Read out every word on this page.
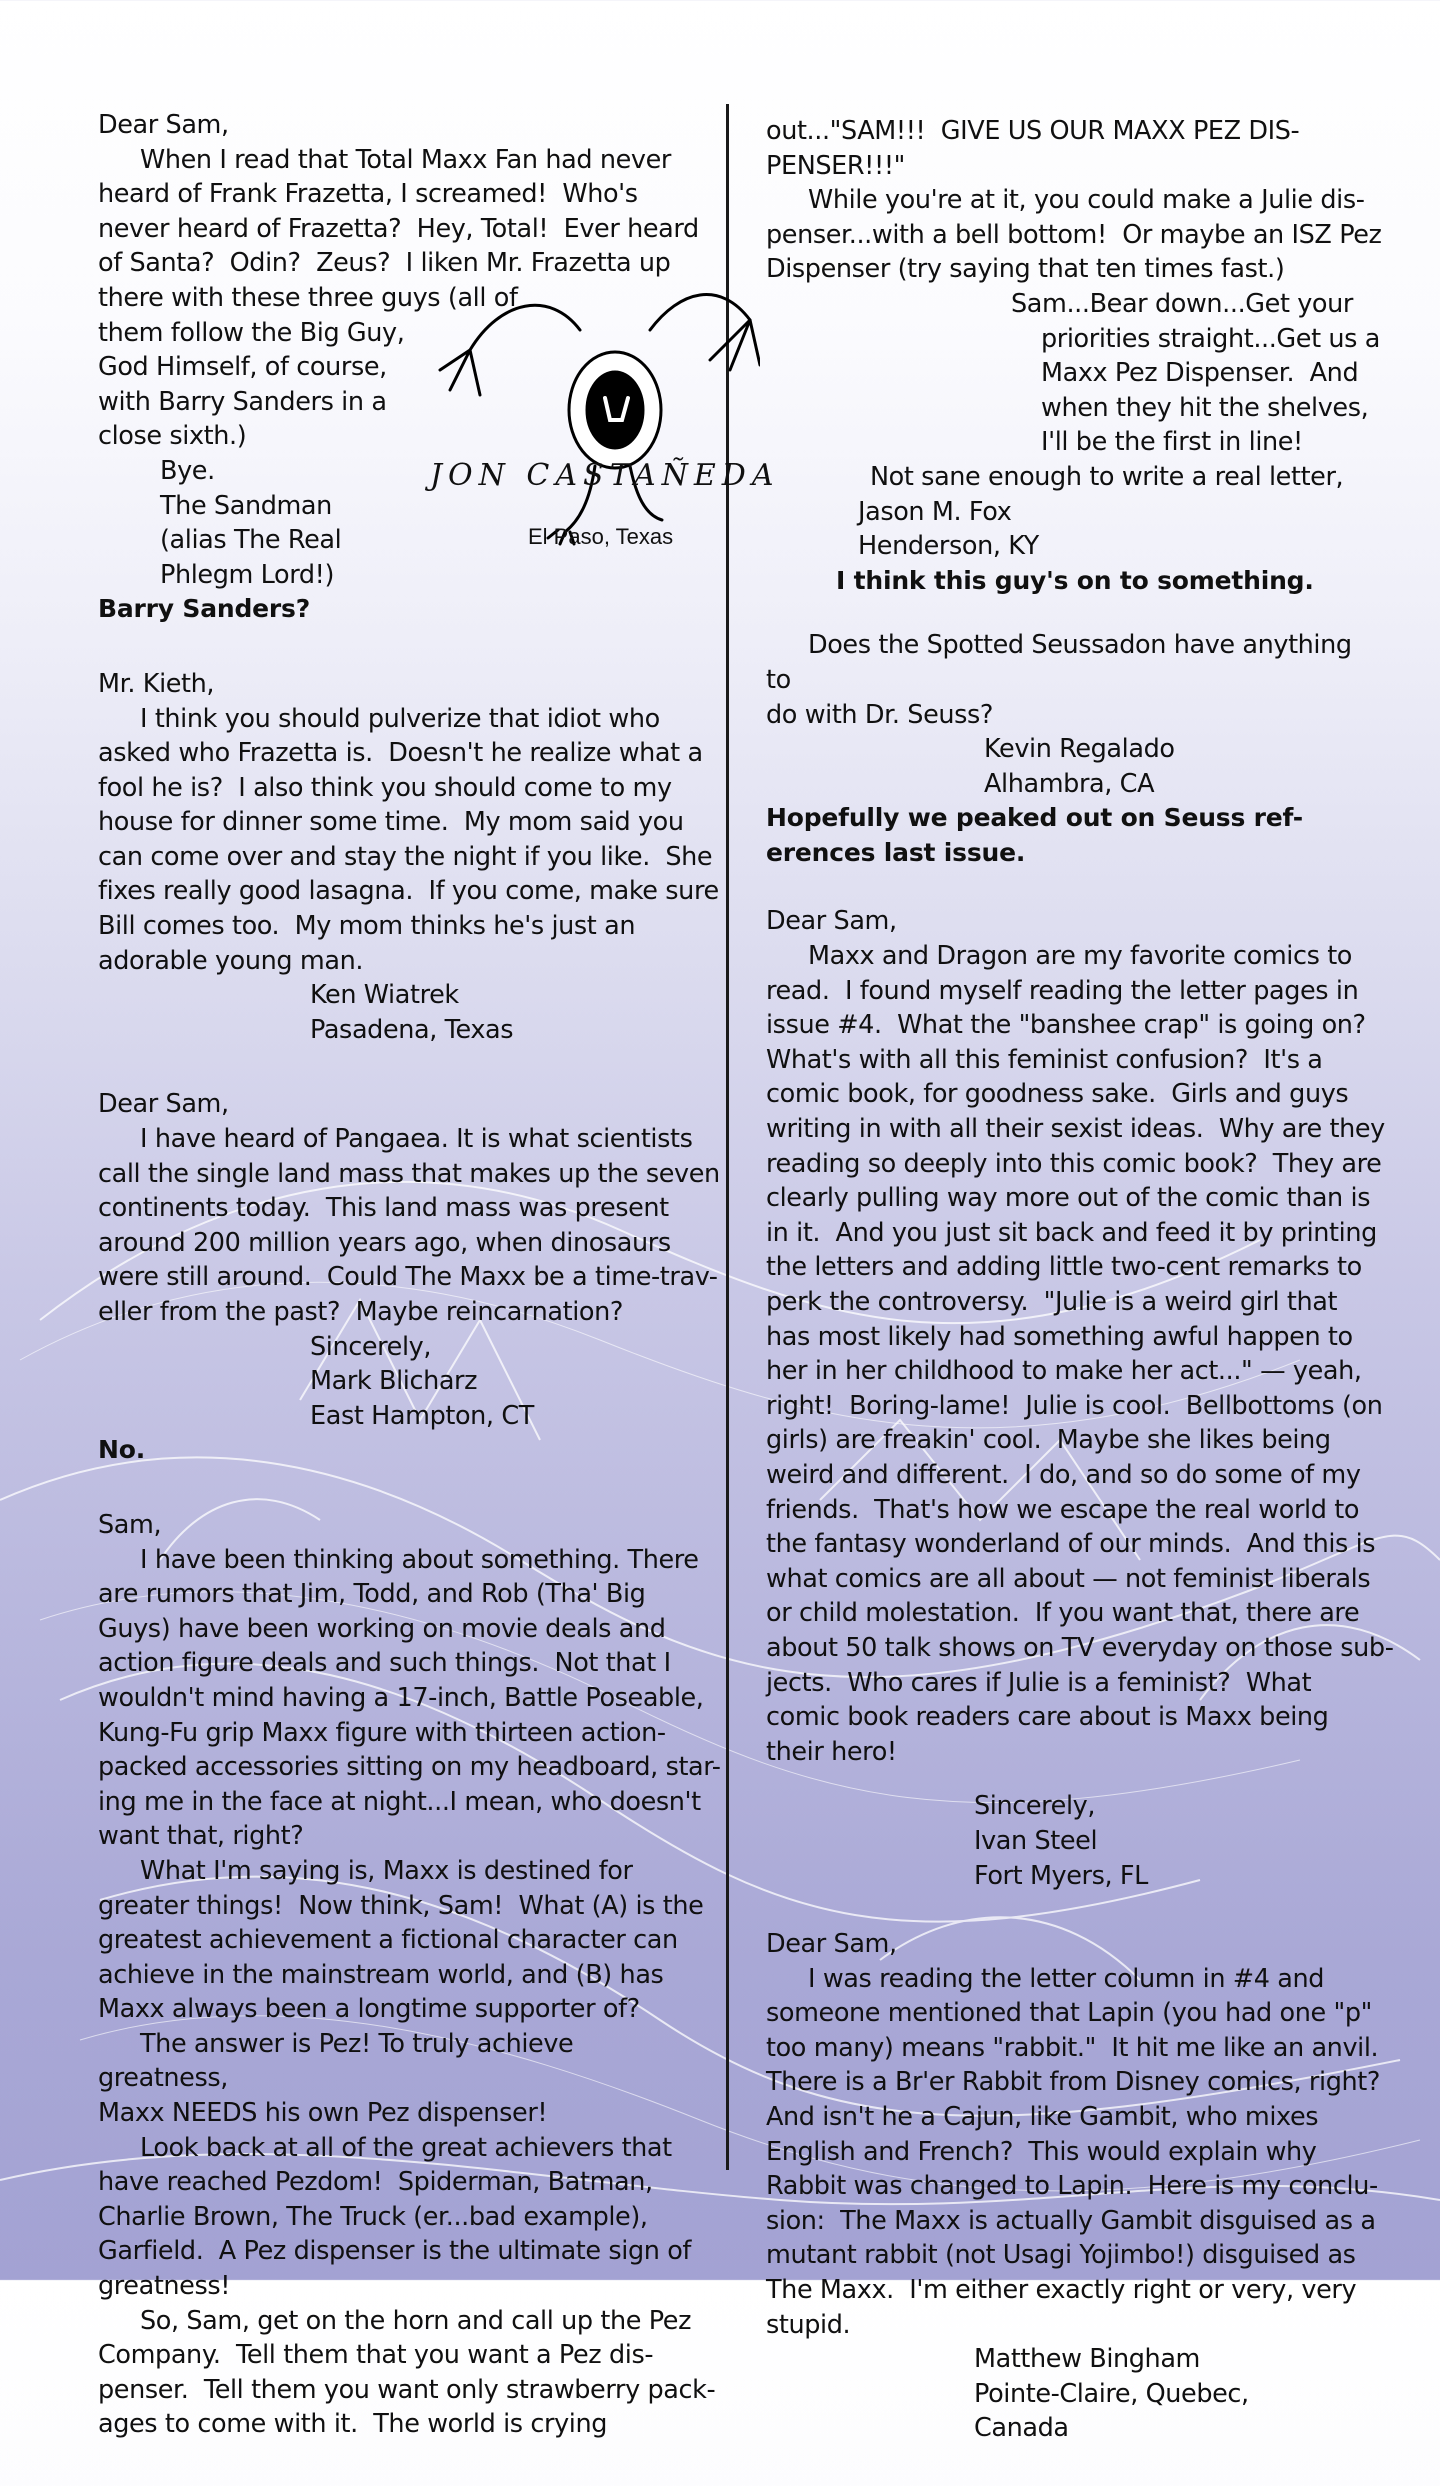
JON CASTAÑEDA
El Paso, Texas
Dear Sam,
When I read that Total Maxx Fan had never
heard of Frank Frazetta, I screamed!  Who's
never heard of Frazetta?  Hey, Total!  Ever heard
of Santa?  Odin?  Zeus?  I liken Mr. Frazetta up
there with these three guys (all of
them follow the Big Guy,
God Himself, of course,
with Barry Sanders in a
close sixth.)
Bye.
The Sandman
(alias The Real
Phlegm Lord!)
Barry Sanders?
Mr. Kieth,
I think you should pulverize that idiot who
asked who Frazetta is.  Doesn't he realize what a
fool he is?  I also think you should come to my
house for dinner some time.  My mom said you
can come over and stay the night if you like.  She
fixes really good lasagna.  If you come, make sure
Bill comes too.  My mom thinks he's just an
adorable young man.
Ken Wiatrek
Pasadena, Texas
Dear Sam,
I have heard of Pangaea. It is what scientists
call the single land mass that makes up the seven
continents today.  This land mass was present
around 200 million years ago, when dinosaurs
were still around.  Could The Maxx be a time-trav-
eller from the past?  Maybe reincarnation?
Sincerely,
Mark Blicharz
East Hampton, CT
No.
Sam,
I have been thinking about something. There
are rumors that Jim, Todd, and Rob (Tha' Big
Guys) have been working on movie deals and
action figure deals and such things.  Not that I
wouldn't mind having a 17-inch, Battle Poseable,
Kung-Fu grip Maxx figure with thirteen action-
packed accessories sitting on my headboard, star-
ing me in the face at night...I mean, who doesn't
want that, right?
What I'm saying is, Maxx is destined for
greater things!  Now think, Sam!  What (A) is the
greatest achievement a fictional character can
achieve in the mainstream world, and (B) has
Maxx always been a longtime supporter of?
The answer is Pez! To truly achieve greatness,
Maxx NEEDS his own Pez dispenser!
Look back at all of the great achievers that
have reached Pezdom!  Spiderman, Batman,
Charlie Brown, The Truck (er...bad example),
Garfield.  A Pez dispenser is the ultimate sign of
greatness!
So, Sam, get on the horn and call up the Pez
Company.  Tell them that you want a Pez dis-
penser.  Tell them you want only strawberry pack-
ages to come with it.  The world is crying
out..."SAM!!!  GIVE US OUR MAXX PEZ DIS-
PENSER!!!"
While you're at it, you could make a Julie dis-
penser...with a bell bottom!  Or maybe an ISZ Pez
Dispenser (try saying that ten times fast.)
Sam...Bear down...Get your
priorities straight...Get us a
Maxx Pez Dispenser.  And
when they hit the shelves,
I'll be the first in line!
Not sane enough to write a real letter,
Jason M. Fox
Henderson, KY
I think this guy's on to something.
Does the Spotted Seussadon have anything to
do with Dr. Seuss?
Kevin Regalado
Alhambra, CA
Hopefully we peaked out on Seuss ref-
erences last issue.
Dear Sam,
Maxx and Dragon are my favorite comics to
read.  I found myself reading the letter pages in
issue #4.  What the "banshee crap" is going on?
What's with all this feminist confusion?  It's a
comic book, for goodness sake.  Girls and guys
writing in with all their sexist ideas.  Why are they
reading so deeply into this comic book?  They are
clearly pulling way more out of the comic than is
in it.  And you just sit back and feed it by printing
the letters and adding little two-cent remarks to
perk the controversy.  "Julie is a weird girl that
has most likely had something awful happen to
her in her childhood to make her act..." — yeah,
right!  Boring-lame!  Julie is cool.  Bellbottoms (on
girls) are freakin' cool.  Maybe she likes being
weird and different.  I do, and so do some of my
friends.  That's how we escape the real world to
the fantasy wonderland of our minds.  And this is
what comics are all about — not feminist liberals
or child molestation.  If you want that, there are
about 50 talk shows on TV everyday on those sub-
jects.  Who cares if Julie is a feminist?  What
comic book readers care about is Maxx being
their hero!
Sincerely,
Ivan Steel
Fort Myers, FL
Dear Sam,
I was reading the letter column in #4 and
someone mentioned that Lapin (you had one "p"
too many) means "rabbit."  It hit me like an anvil.
There is a Br'er Rabbit from Disney comics, right?
And isn't he a Cajun, like Gambit, who mixes
English and French?  This would explain why
Rabbit was changed to Lapin.  Here is my conclu-
sion:  The Maxx is actually Gambit disguised as a
mutant rabbit (not Usagi Yojimbo!) disguised as
The Maxx.  I'm either exactly right or very, very
stupid.
Matthew Bingham
Pointe-Claire, Quebec,
Canada
